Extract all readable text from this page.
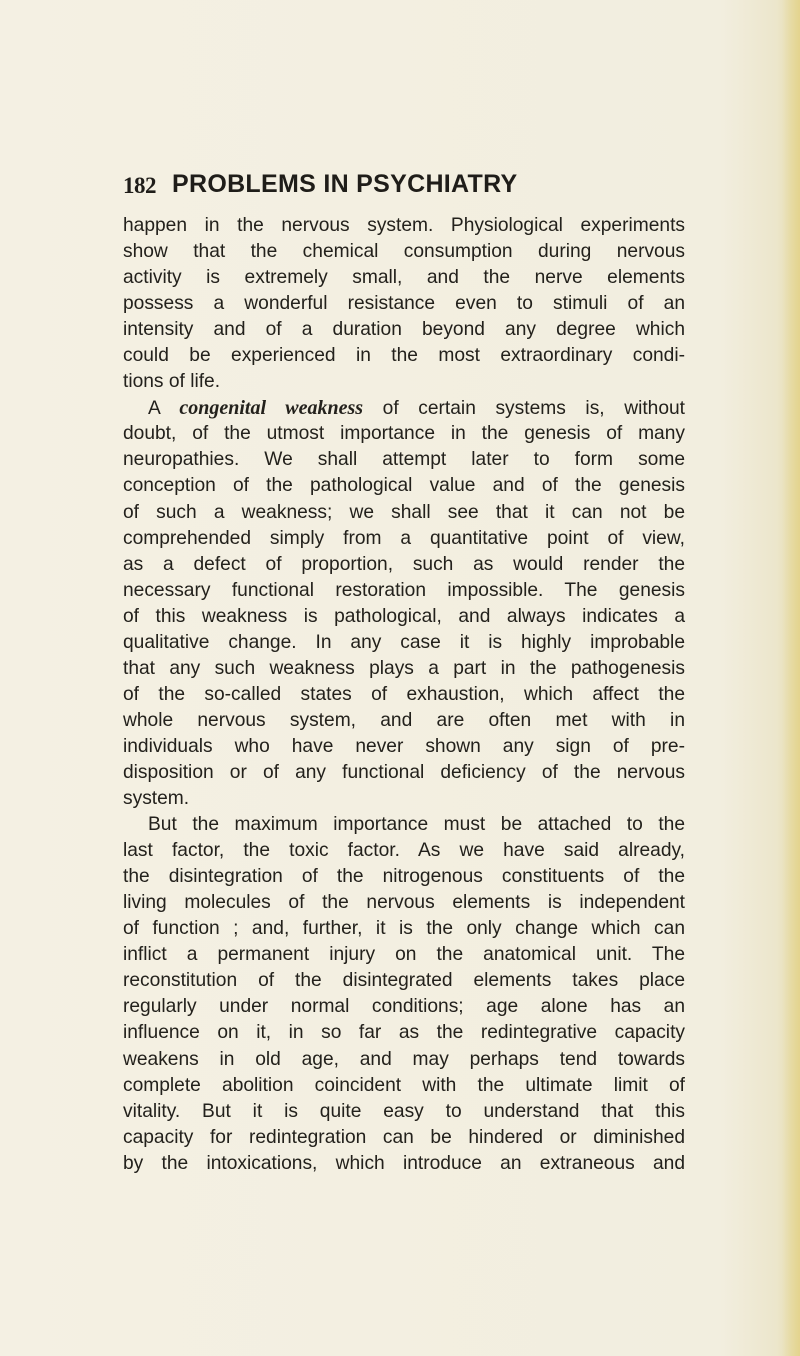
182 PROBLEMS IN PSYCHIATRY
happen in the nervous system. Physiological experiments
show that the chemical consumption during nervous
activity is extremely small, and the nerve elements
possess a wonderful resistance even to stimuli of an
intensity and of a duration beyond any degree which
could be experienced in the most extraordinary condi-
tions of life.
A congenital weakness of certain systems is, without
doubt, of the utmost importance in the genesis of many
neuropathies. We shall attempt later to form some
conception of the pathological value and of the genesis
of such a weakness; we shall see that it can not be
comprehended simply from a quantitative point of view,
as a defect of proportion, such as would render the
necessary functional restoration impossible. The genesis
of this weakness is pathological, and always indicates a
qualitative change. In any case it is highly improbable
that any such weakness plays a part in the pathogenesis
of the so-called states of exhaustion, which affect the
whole nervous system, and are often met with in
individuals who have never shown any sign of pre-
disposition or of any functional deficiency of the nervous
system.
But the maximum importance must be attached to the
last factor, the toxic factor. As we have said already,
the disintegration of the nitrogenous constituents of the
living molecules of the nervous elements is independent
of function ; and, further, it is the only change which can
inflict a permanent injury on the anatomical unit. The
reconstitution of the disintegrated elements takes place
regularly under normal conditions; age alone has an
influence on it, in so far as the redintegrative capacity
weakens in old age, and may perhaps tend towards
complete abolition coincident with the ultimate limit of
vitality. But it is quite easy to understand that this
capacity for redintegration can be hindered or diminished
by the intoxications, which introduce an extraneous and
